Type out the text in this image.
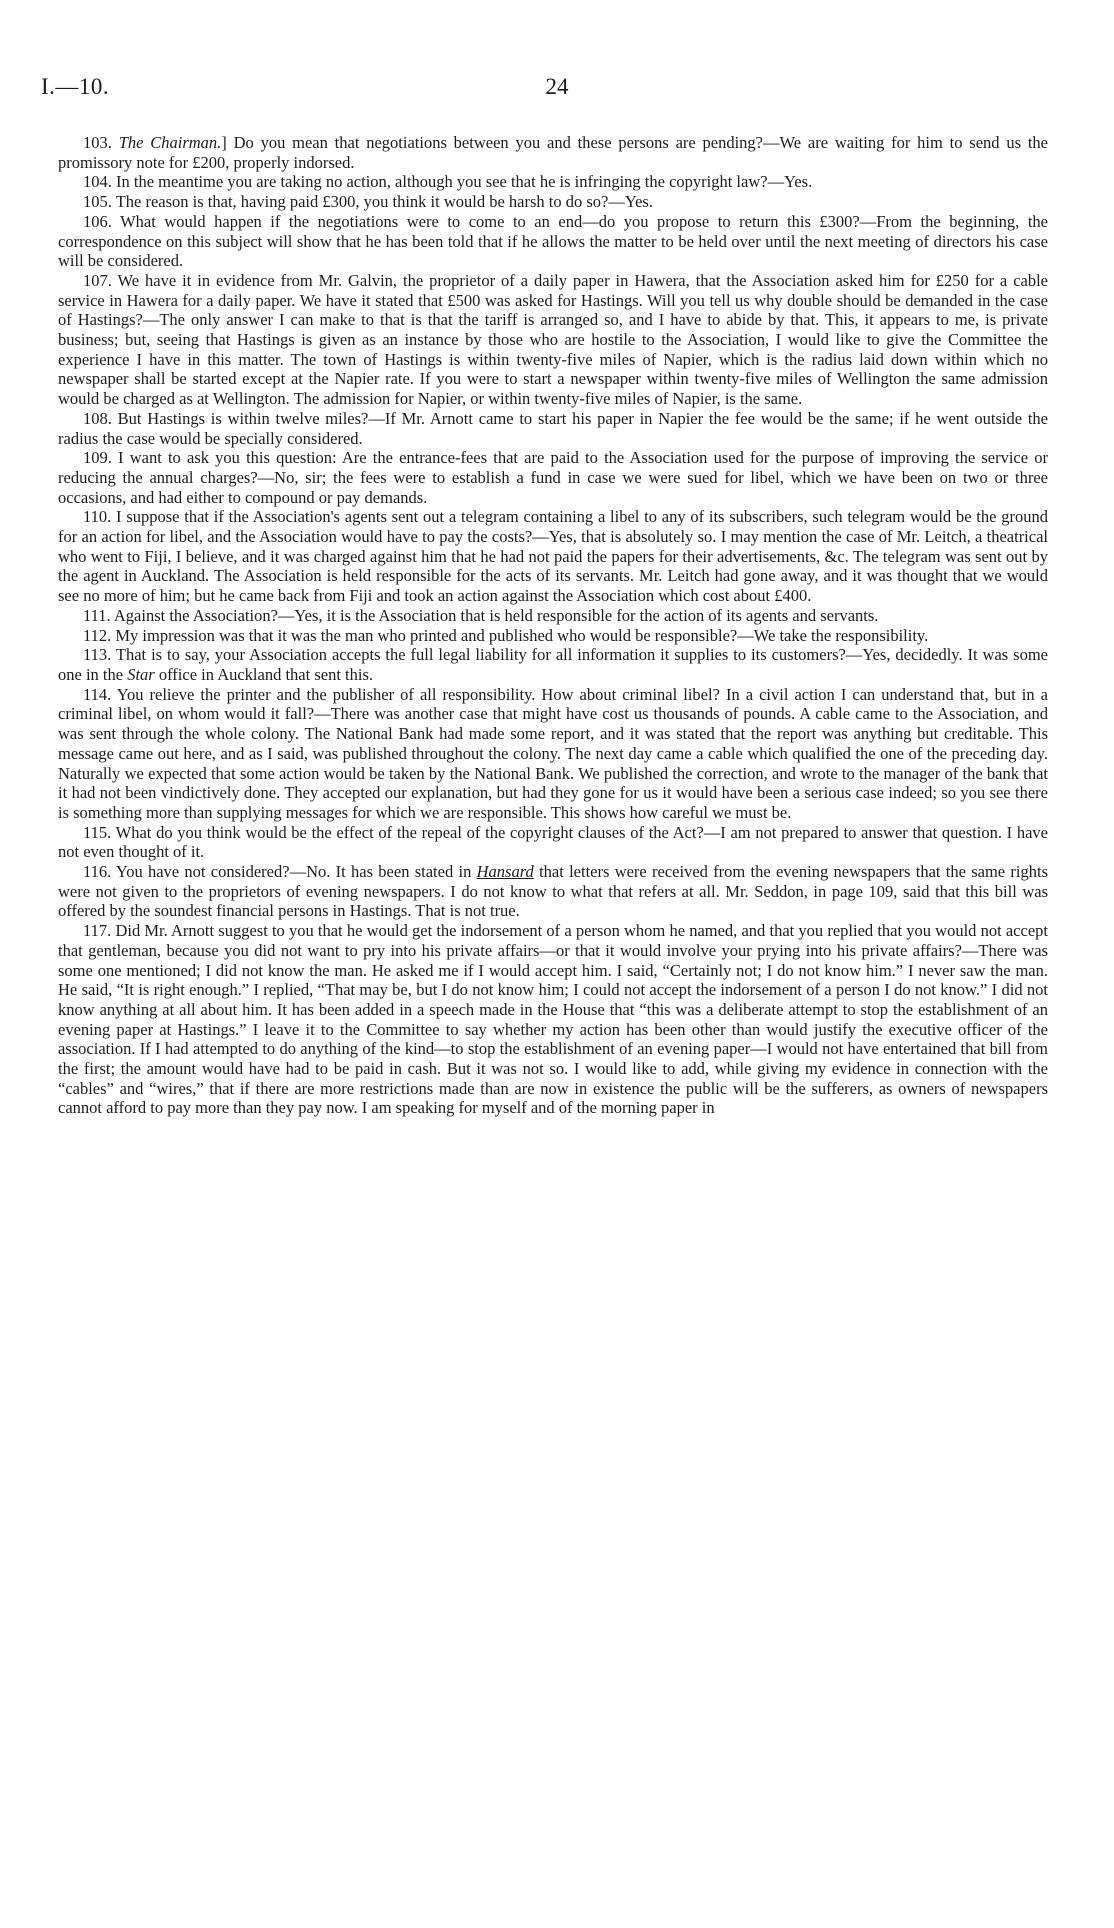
I.—10.	24

103. The Chairman.] Do you mean that negotiations between you and these persons are pending?—We are waiting for him to send us the promissory note for £200, properly indorsed.

104. In the meantime you are taking no action, although you see that he is infringing the copyright law?—Yes.

105. The reason is that, having paid £300, you think it would be harsh to do so?—Yes.

106. What would happen if the negotiations were to come to an end—do you propose to return this £300?—From the beginning, the correspondence on this subject will show that he has been told that if he allows the matter to be held over until the next meeting of directors his case will be considered.

107. We have it in evidence from Mr. Galvin, the proprietor of a daily paper in Hawera, that the Association asked him for £250 for a cable service in Hawera for a daily paper. We have it stated that £500 was asked for Hastings. Will you tell us why double should be demanded in the case of Hastings?—The only answer I can make to that is that the tariff is arranged so, and I have to abide by that. This, it appears to me, is private business; but, seeing that Hastings is given as an instance by those who are hostile to the Association, I would like to give the Committee the experience I have in this matter. The town of Hastings is within twenty-five miles of Napier, which is the radius laid down within which no newspaper shall be started except at the Napier rate. If you were to start a newspaper within twenty-five miles of Wellington the same admission would be charged as at Wellington. The admission for Napier, or within twenty-five miles of Napier, is the same.

108. But Hastings is within twelve miles?—If Mr. Arnott came to start his paper in Napier the fee would be the same; if he went outside the radius the case would be specially considered.

109. I want to ask you this question: Are the entrance-fees that are paid to the Association used for the purpose of improving the service or reducing the annual charges?—No, sir; the fees were to establish a fund in case we were sued for libel, which we have been on two or three occasions, and had either to compound or pay demands.

110. I suppose that if the Association's agents sent out a telegram containing a libel to any of its subscribers, such telegram would be the ground for an action for libel, and the Association would have to pay the costs?—Yes, that is absolutely so. I may mention the case of Mr. Leitch, a theatrical who went to Fiji, I believe, and it was charged against him that he had not paid the papers for their advertisements, &c. The telegram was sent out by the agent in Auckland. The Association is held responsible for the acts of its servants. Mr. Leitch had gone away, and it was thought that we would see no more of him; but he came back from Fiji and took an action against the Association which cost about £400.

111. Against the Association?—Yes, it is the Association that is held responsible for the action of its agents and servants.

112. My impression was that it was the man who printed and published who would be responsible?—We take the responsibility.

113. That is to say, your Association accepts the full legal liability for all information it supplies to its customers?—Yes, decidedly. It was some one in the Star office in Auckland that sent this.

114. You relieve the printer and the publisher of all responsibility. How about criminal libel? In a civil action I can understand that, but in a criminal libel, on whom would it fall?—There was another case that might have cost us thousands of pounds. A cable came to the Association, and was sent through the whole colony. The National Bank had made some report, and it was stated that the report was anything but creditable. This message came out here, and as I said, was published throughout the colony. The next day came a cable which qualified the one of the preceding day. Naturally we expected that some action would be taken by the National Bank. We published the correction, and wrote to the manager of the bank that it had not been vindictively done. They accepted our explanation, but had they gone for us it would have been a serious case indeed; so you see there is something more than supplying messages for which we are responsible. This shows how careful we must be.

115. What do you think would be the effect of the repeal of the copyright clauses of the Act?—I am not prepared to answer that question. I have not even thought of it.

116. You have not considered?—No. It has been stated in Hansard that letters were received from the evening newspapers that the same rights were not given to the proprietors of evening newspapers. I do not know to what that refers at all. Mr. Seddon, in page 109, said that this bill was offered by the soundest financial persons in Hastings. That is not true.

117. Did Mr. Arnott suggest to you that he would get the indorsement of a person whom he named, and that you replied that you would not accept that gentleman, because you did not want to pry into his private affairs—or that it would involve your prying into his private affairs?—There was some one mentioned; I did not know the man. He asked me if I would accept him. I said, “Certainly not; I do not know him.” I never saw the man. He said, “It is right enough.” I replied, “That may be, but I do not know him; I could not accept the indorsement of a person I do not know.” I did not know anything at all about him. It has been added in a speech made in the House that “this was a deliberate attempt to stop the establishment of an evening paper at Hastings.” I leave it to the Committee to say whether my action has been other than would justify the executive officer of the association. If I had attempted to do anything of the kind—to stop the establishment of an evening paper—I would not have entertained that bill from the first; the amount would have had to be paid in cash. But it was not so. I would like to add, while giving my evidence in connection with the “cables” and “wires,” that if there are more restrictions made than are now in existence the public will be the sufferers, as owners of newspapers cannot afford to pay more than they pay now. I am speaking for myself and of the morning paper in
